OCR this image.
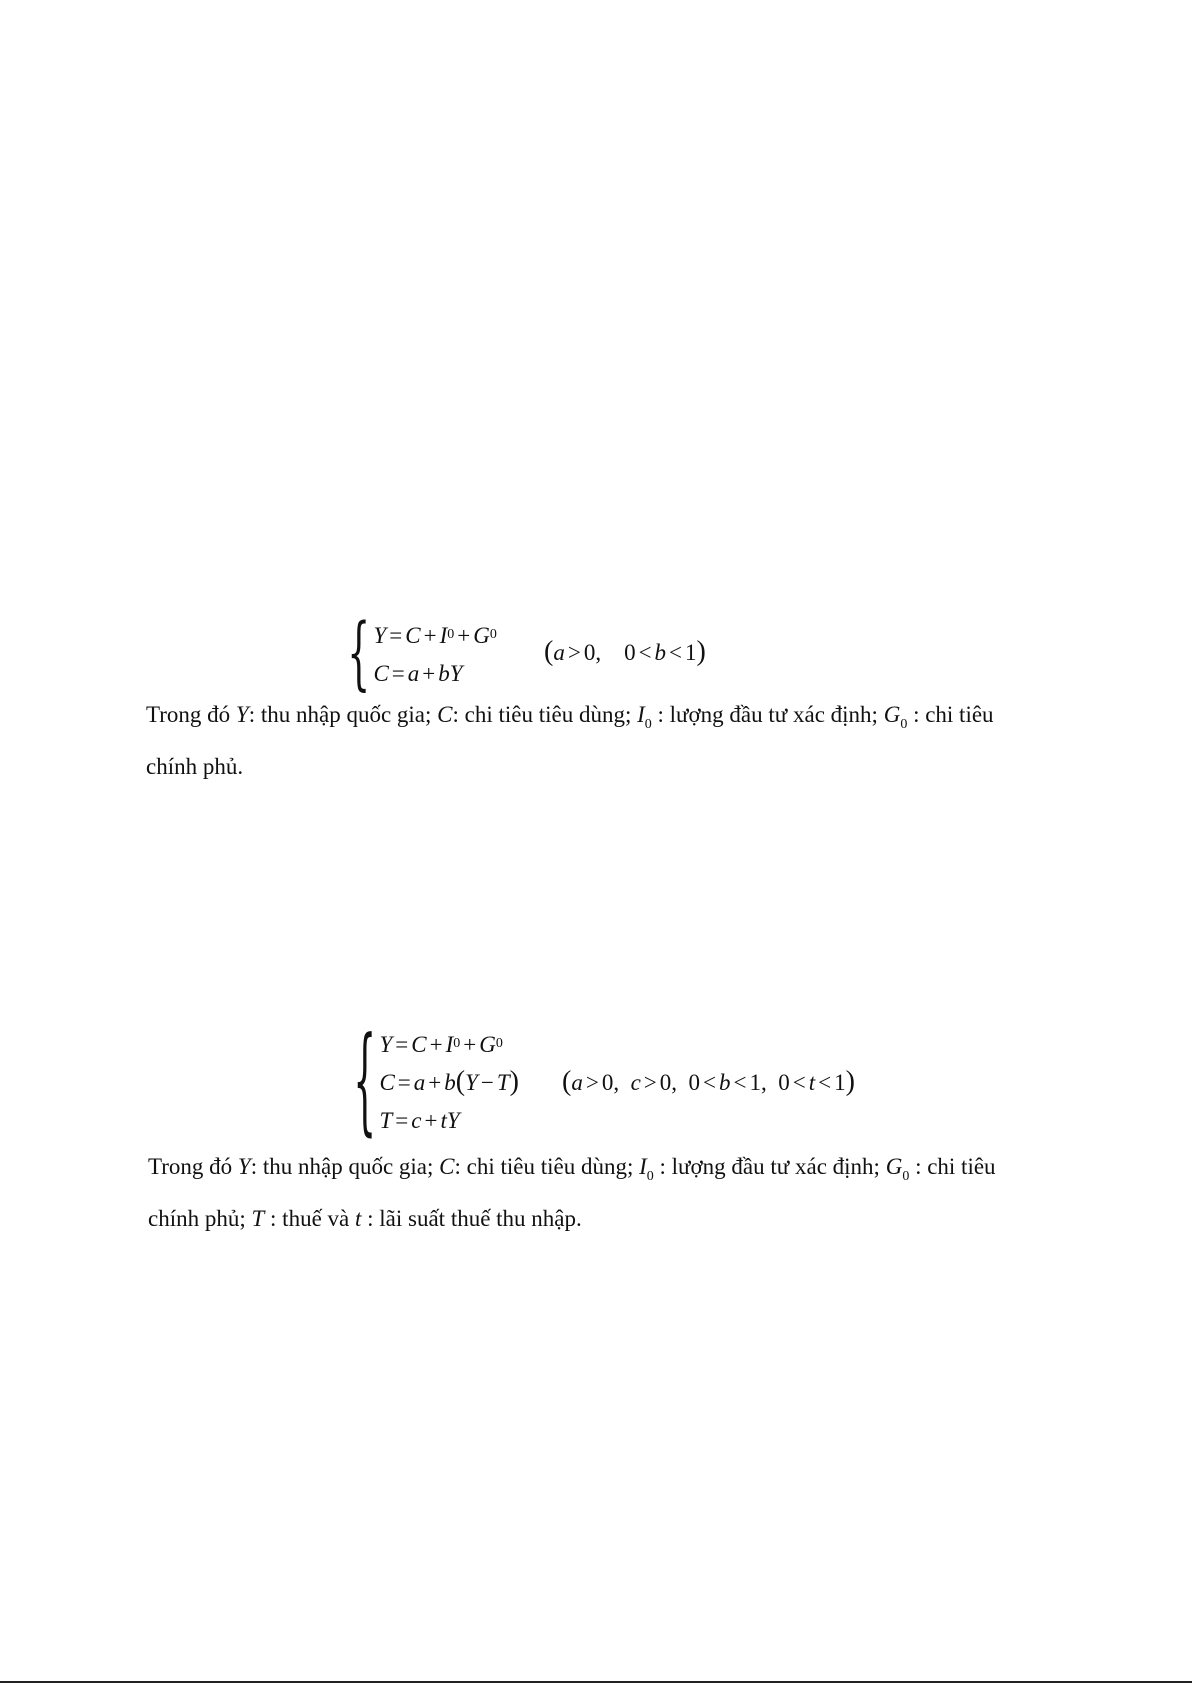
{ Y = C + I 0 + G 0
C = a + bY
(a > 0,    0 < b < 1)

Trong đó Y: thu nhập quốc gia; C: chi tiêu tiêu dùng; $I_0$ : lượng đầu tư xác định; $G_0$ : chi tiêu chính phủ.

{ Y = C + I 0 + G 0
C = a + b ( Y − T )
T = c + tY
(a > 0,  c > 0,  0 < b < 1,  0 < t < 1)

Trong đó Y: thu nhập quốc gia; C: chi tiêu tiêu dùng; $I_0$ : lượng đầu tư xác định; $G_0$ : chi tiêu chính phủ; T : thuế và t : lãi suất thuế thu nhập.
